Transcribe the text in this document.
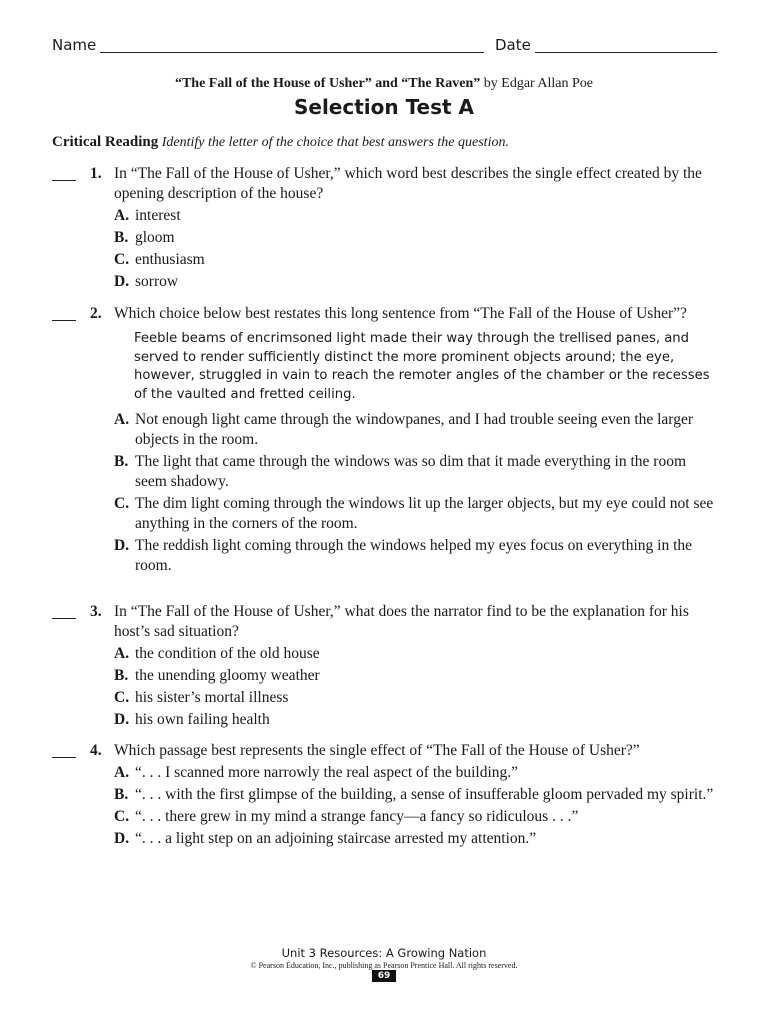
Name	Date
“The Fall of the House of Usher” and “The Raven” by Edgar Allan Poe
Selection Test A
Critical Reading Identify the letter of the choice that best answers the question.
1. In “The Fall of the House of Usher,” which word best describes the single effect created by the opening description of the house?
A. interest
B. gloom
C. enthusiasm
D. sorrow
2. Which choice below best restates this long sentence from “The Fall of the House of Usher”?
Feeble beams of encrimsoned light made their way through the trellised panes, and served to render sufficiently distinct the more prominent objects around; the eye, however, struggled in vain to reach the remoter angles of the chamber or the recesses of the vaulted and fretted ceiling.
A. Not enough light came through the windowpanes, and I had trouble seeing even the larger objects in the room.
B. The light that came through the windows was so dim that it made everything in the room seem shadowy.
C. The dim light coming through the windows lit up the larger objects, but my eye could not see anything in the corners of the room.
D. The reddish light coming through the windows helped my eyes focus on everything in the room.
3. In “The Fall of the House of Usher,” what does the narrator find to be the explanation for his host’s sad situation?
A. the condition of the old house
B. the unending gloomy weather
C. his sister’s mortal illness
D. his own failing health
4. Which passage best represents the single effect of “The Fall of the House of Usher?”
A. “. . . I scanned more narrowly the real aspect of the building.”
B. “. . . with the first glimpse of the building, a sense of insufferable gloom pervaded my spirit.”
C. “. . . there grew in my mind a strange fancy—a fancy so ridiculous . . .”
D. “. . . a light step on an adjoining staircase arrested my attention.”
Unit 3 Resources: A Growing Nation
© Pearson Education, Inc., publishing as Pearson Prentice Hall. All rights reserved.
69
